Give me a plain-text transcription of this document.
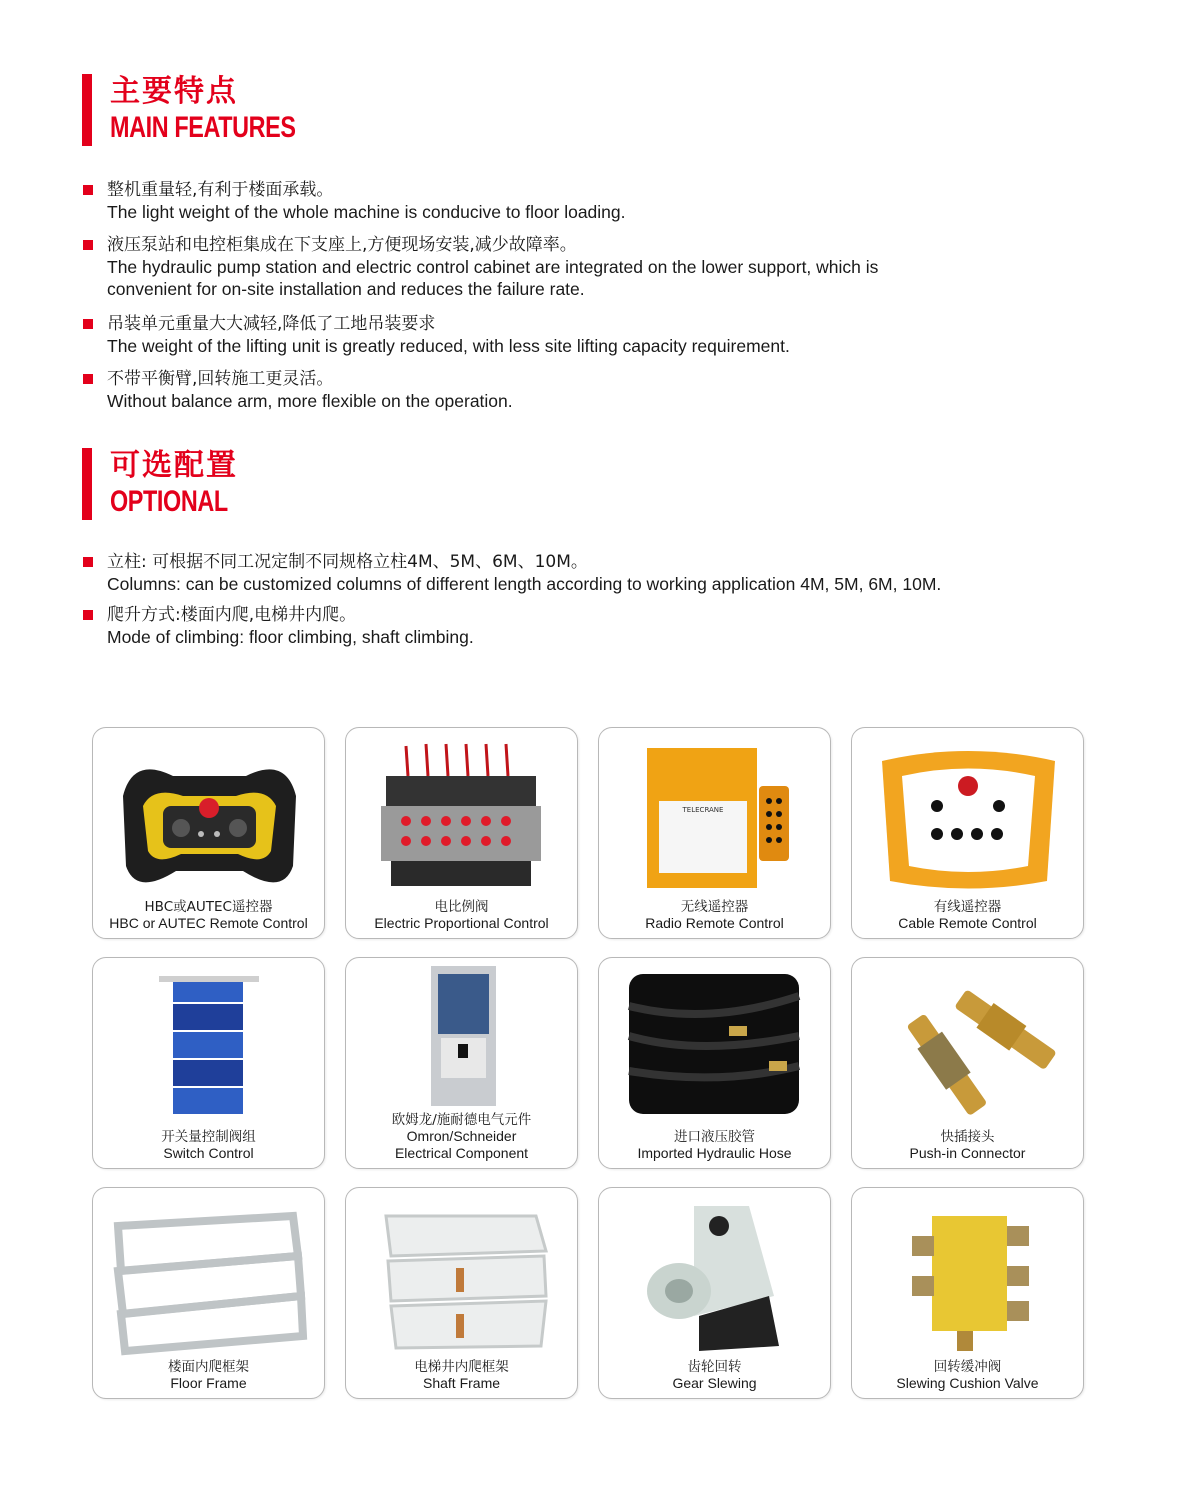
主要特点
MAIN FEATURES
整机重量轻,有利于楼面承载。
The light weight of the whole machine is conducive to floor loading.
液压泵站和电控柜集成在下支座上,方便现场安装,减少故障率。
The hydraulic pump station and electric control cabinet are integrated on the lower support, which is convenient for on-site installation and reduces the failure rate.
吊装单元重量大大减轻,降低了工地吊装要求
The weight of the lifting unit is greatly reduced, with less site lifting capacity requirement.
不带平衡臂,回转施工更灵活。
Without balance arm, more flexible on the operation.
可选配置
OPTIONAL
立柱: 可根据不同工况定制不同规格立柱4M、5M、6M、10M。
Columns: can be customized columns of different length according to working application 4M, 5M, 6M, 10M.
爬升方式:楼面内爬,电梯井内爬。
Mode of climbing: floor climbing, shaft climbing.
HBC或AUTEC遥控器
HBC or AUTEC Remote Control
电比例阀
Electric Proportional Control
TELECRANE
无线遥控器
Radio Remote Control
有线遥控器
Cable Remote Control
开关量控制阀组
Switch Control
欧姆龙/施耐德电气元件
Omron/Schneider
Electrical Component
进口液压胶管
Imported Hydraulic Hose
快插接头
Push-in Connector
楼面内爬框架
Floor Frame
电梯井内爬框架
Shaft Frame
齿轮回转
Gear Slewing
回转缓冲阀
Slewing Cushion Valve
